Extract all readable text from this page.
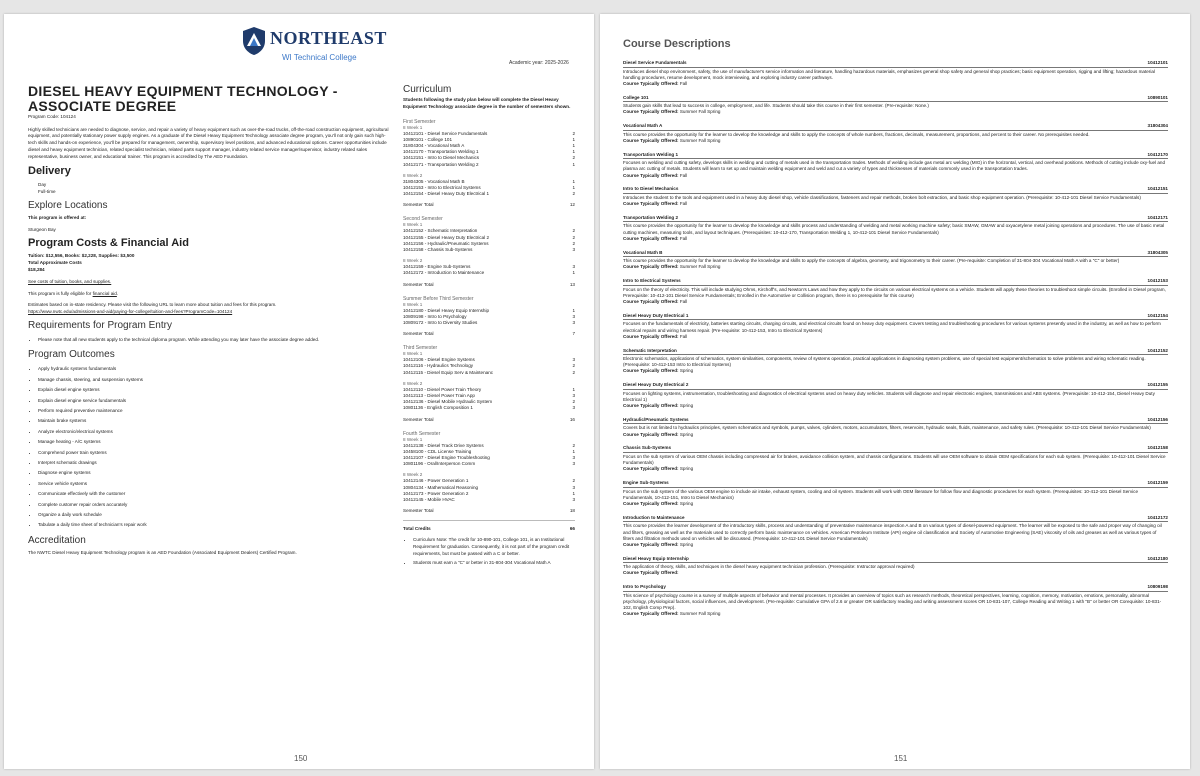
NORTHEAST
WI Technical College
Academic year: 2025-2026
DIESEL HEAVY EQUIPMENT TECHNOLOGY - ASSOCIATE DEGREE
Program Code: 104124

Highly skilled technicians are needed to diagnose, service, and repair a variety of heavy equipment such as over-the-road trucks, off-the-road construction equipment, agricultural equipment, and potentially stationary power supply engines. As a graduate of the Diesel Heavy Equipment Technology associate degree program, you'll not only gain such high-tech skills and hands-on experience, you'll be prepared for management, ownership, supervisory level positions, and advanced educational options. Career opportunities include diesel and heavy equipment technician, related specialist technician, related parts support manager, industry related service manager/supervisor, industry related sales representative, business owner, and educational trainer. This program is accredited by The AED Foundation.

Delivery
Day
Full-time
Explore Locations

This program is offered at:

Sturgeon Bay

Program Costs & Financial Aid
Tuition: $12,556, Books: $2,228, Supplies: $3,500
Total Approximate Costs
$18,284

See costs of tuition, books, and supplies.

This program is fully eligible for financial aid.

Estimates based on in-state residency. Please visit the following URL to learn more about tuition and fees for this program.

https://www.nwtc.edu/admissions-and-aid/paying-for-college/tuition-and-fees?ProgramCode=104124

Requirements for Program Entry
• Please note that all new students apply to the technical diploma program. While attending you may later have the associate degree added.
Program Outcomes
• Apply hydraulic systems fundamentals
• Manage chassis, steering, and suspension systems
• Explain diesel engine systems
• Explain diesel engine service fundamentals
• Perform required preventive maintenance
• Maintain brake systems
• Analyze electronic/electrical systems
• Manage heating - A/C systems
• Comprehend power train systems
• Interpret schematic drawings
• Diagnose engine systems
• Service vehicle systems
• Communicate effectively with the customer
• Complete customer repair orders accurately
• Organize a daily work schedule
• Tabulate a daily time sheet of technician's repair work
Accreditation

The NWTC Diesel Heavy Equipment Technology program is an AED Foundation (Associated Equipment Dealers) Certified Program.

Curriculum

Students following the study plan below will complete the Diesel Heavy Equipment Technology associate degree in the number of semesters shown.

First Semester
8 Week 1
10412101 - Diesel Service Fundamentals	2
10890101 - College 101	1
31804304 - Vocational Math A	1
10412170 - Transportation Welding 1	1
10412151 - Intro to Diesel Mechanics	2
10412171 - Transportation Welding 2	1
8 Week 2
31804305 - Vocational Math B	1
10412153 - Intro to Electrical Systems	1
10412154 - Diesel Heavy Duty Electrical 1	2
Semester Total	12
Second Semester
8 Week 1
10412152 - Schematic Interpretation	2
10412155 - Diesel Heavy Duty Electrical 2	2
10412156 - Hydraulic/Pneumatic Systems	2
10412158 - Chassis Sub-Systems	3
8 Week 2
10412159 - Engine Sub-Systems	3
10412172 - Introduction to Maintenance	1
Semester Total	13
Summer Before Third Semester
8 Week 1
10412180 - Diesel Heavy Equip Internship	1
10809198 - Intro to Psychology	3
10809172 - Intro to Diversity Studies	3
Semester Total	7
Third Semester
8 Week 1
10412106 - Diesel Engine Systems	3
10412116 - Hydraulics Technology	2
10412115 - Diesel Equip Serv & Maintenanc	2
8 Week 2
10412110 - Diesel Power Train Theory	1
10412113 - Diesel Power Train App	3
10412136 - Diesel Mobile Hydraulic System	2
10801136 - English Composition 1	3
Semester Total	16
Fourth Semester
8 Week 1
10412138 - Diesel Track Drive Systems	2
10458100 - CDL License Training	1
10412107 - Diesel Engine Troubleshooting	3
10801196 - Oral/Interperson Comm	3
8 Week 2
10412146 - Power Generation 1	2
10804134 - Mathematical Reasoning	3
10412173 - Power Generation 2	1
10412145 - Mobile HVAC	3
Semester Total	18
Total Credits	66
• Curriculum Note: The credit for 10-890-101, College 101, is an Institutional Requirement for graduation. Consequently, it is not part of the program credit requirements, but must be passed with a C or better.
• Students must earn a "C" or better in 31-804-304 Vocational Math A
150
Course Descriptions
Diesel Service Fundamentals	10412101
Introduces diesel shop environment, safety, the use of manufacturer's service information and literature, handling hazardous materials, emphasizes general shop safety and general shop practices; basic equipment operation, rigging and lifting; hazardous material handling procedures, resume development, mock interviewing, and exploring industry career pathways.
Course Typically Offered: Fall
College 101	10890101
Students gain skills that lead to success in college, employment, and life. Students should take this course in their first semester. (Pre-requisite: None.)
Course Typically Offered: Summer Fall Spring
Vocational Math A	31804304
This course provides the opportunity for the learner to develop the knowledge and skills to apply the concepts of whole numbers, fractions, decimals, measurement, proportions, and percent to their career. No prerequisites needed.
Course Typically Offered: Summer Fall Spring
Transportation Welding 1	10412170
Focuses on welding and cutting safety, develops skills in welding and cutting of metals used in the transportation trades. Methods of welding include gas metal arc welding (MIG) in the horizontal, vertical, and overhead positions. Methods of cutting include oxy-fuel and plasma arc cutting of metals. Students will learn to set up and maintain welding equipment and weld and cut a variety of types and thicknesses of materials commonly used in the transportation trades.
Course Typically Offered: Fall
Intro to Diesel Mechanics	10412151
Introduces the student to the tools and equipment used in a heavy duty diesel shop, vehicle classifications, fasteners and repair methods, broken bolt extraction, and basic shop equipment operation. (Prerequisite: 10-412-101 Diesel Service Fundamentals)
Course Typically Offered: Fall
Transportation Welding 2	10412171
This course provides the opportunity for the learner to develop the knowledge and skills process and understanding of welding and metal working machine safety; basic SMAW, GMAW and oxyacetylene metal joining operations and procedures. The use of basic metal cutting machines, measuring tools, and layout techniques. (Prerequisites: 10-412-170, Transportation Welding 1, 10-412-101 Diesel Service Fundamentals)
Course Typically Offered: Fall
Vocational Math B	31804305
This course provides the opportunity for the learner to develop the knowledge and skills to apply the concepts of algebra, geometry, and trigonometry to their career. (Pre-requisite: Completion of 31-804-304 Vocational Math A with a "C" or better)
Course Typically Offered: Summer Fall Spring
Intro to Electrical Systems	10412153
Focus on the theory of electricity. This will include studying Ohms, Kirchoff's, and Newton's Laws and how they apply to the circuits on various electrical systems on a vehicle. Students will apply these theories to troubleshoot simple circuits. (Enrolled in Diesel program, Prerequisite: 10-412-101 Diesel Service Fundamentals; Enrolled in the Automotive or Collision program, there is no prerequisite for this course)
Course Typically Offered: Fall
Diesel Heavy Duty Electrical 1	10412154
Focuses on the fundamentals of electricity, batteries starting circuits, charging circuits, and electrical circuits found on heavy duty equipment. Covers testing and troubleshooting procedures for various systems presently used in the industry, as well as how to perform electrical repairs and wiring harness repair. (Pre-requisite: 10-412-153, Intro to Electrical Systems)
Course Typically Offered: Fall
Schematic Interpretation	10412152
Electronic schematics, applications of schematics, system similarities, components, review of systems operation, practical applications in diagnosing system problems, use of special test equipment/schematics to solve problems and wiring schematic reading. (Prerequisite: 10-412-153 Intro to Electrical Systems)
Course Typically Offered: Spring
Diesel Heavy Duty Electrical 2	10412155
Focuses on lighting systems, instrumentation, troubleshooting and diagnostics of electrical systems used on heavy duty vehicles. Students will diagnose and repair electronic engines, transmissions and ABS systems. (Prerequisite: 10-412-154, Diesel Heavy Duty Electrical 1)
Course Typically Offered: Spring
Hydraulic/Pneumatic Systems	10412156
Covers but is not limited to hydraulics principles, system schematics and symbols, pumps, valves, cylinders, motors, accumulators, filters, reservoirs, hydraulic seals, fluids, maintenance, and safety rules. (Prerequisite: 10-412-101 Diesel Service Fundamentals)
Course Typically Offered: Spring
Chassis Sub-Systems	10412158
Focus on the sub system of various OEM chassis including compressed air for brakes, avoidance collision system, and chassis configurations. Students will use OEM software to obtain OEM specifications for each sub system. (Prerequisite: 10-412-101 Diesel Service Fundamentals)
Course Typically Offered: Spring
Engine Sub-Systems	10412159
Focus on the sub system of the various OEM engine to include air intake, exhaust system, cooling and oil system. Students will work with OEM literature for follow flow and diagnostic procedures for each system. (Prerequisites: 10-412-101 Diesel Service Fundamentals, 10-412-151, Intro to Diesel Mechanics)
Course Typically Offered: Spring
Introduction to Maintenance	10412172
This course provides the learner development of the introductory skills, process and understanding of preventative maintenance inspection A and B on various types of diesel-powered equipment. The learner will be exposed to the safe and proper way of changing oil and filters, greasing as well as the materials used to correctly perform basic maintenance on vehicles. American Petroleum Institute (API) engine oil classification and Society of Automotive Engineering (SAE) viscosity of oils and greases as well as various types of filters and filtration methods used on vehicles will be discussed. (Prerequisite: 10-412-101 Diesel Service Fundamentals)
Course Typically Offered: Spring
Diesel Heavy Equip Internship	10412180
The application of theory, skills, and techniques in the diesel heavy equipment technician profession. (Prerequisite: Instructor approval required)
Course Typically Offered:
Intro to Psychology	10809198
This science of psychology course is a survey of multiple aspects of behavior and mental processes. It provides an overview of topics such as research methods, theoretical perspectives, learning, cognition, memory, motivation, emotions, personality, abnormal psychology, physiological factors, social influences, and development. (Pre-requisite: Cumulative GPA of 2.6 or greater OR satisfactory reading and writing assessment scores OR 10-831-107, College Reading and Writing 1 with "B" or better OR Corequisite: 10-831-102, English Comp Prep).
Course Typically Offered: Summer Fall Spring
151
